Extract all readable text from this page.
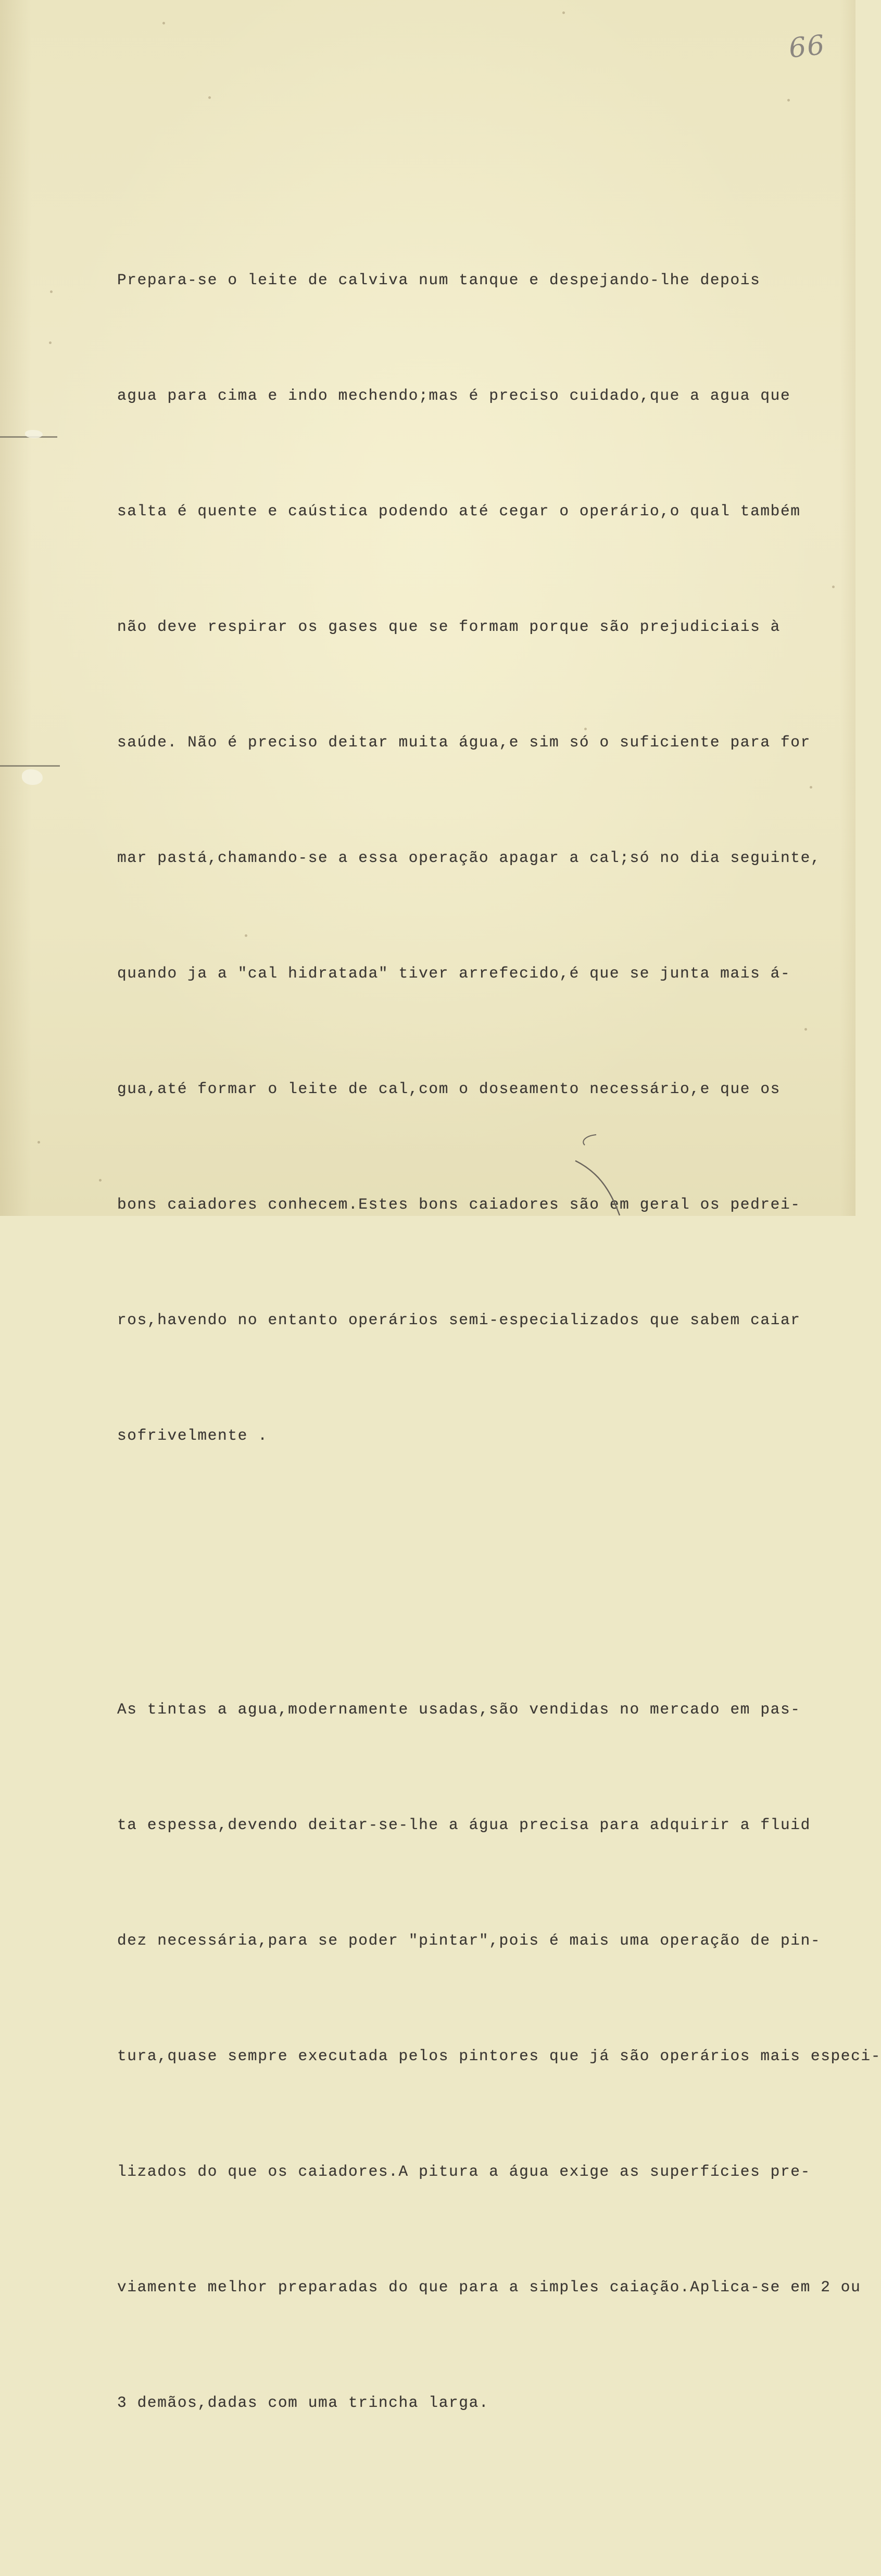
66

Prepara-se o leite de calviva num tanque e despejando-lhe depois

agua para cima e indo mechendo;mas é preciso cuidado,que a agua que

salta é quente e caústica podendo até cegar o operário,o qual também

não deve respirar os gases que se formam porque são prejudiciais à

saúde. Não é preciso deitar muita água,e sim só o suficiente para for

mar pastá,chamando-se a essa operação apagar a cal;só no dia seguinte,

quando ja a "cal hidratada" tiver arrefecido,é que se junta mais á-

gua,até formar o leite de cal,com o doseamento necessário,e que os

bons caiadores conhecem.Estes bons caiadores são em geral os pedrei-

ros,havendo no entanto operários semi-especializados que sabem caiar

sofrivelmente .

As tintas a agua,modernamente usadas,são vendidas no mercado em pas-

ta espessa,devendo deitar-se-lhe a água precisa para adquirir a fluid

dez necessária,para se poder "pintar",pois é mais uma operação de pin-

tura,quase sempre executada pelos pintores que já são operários mais especi-

lizados do que os caiadores.A pitura a água exige as superfícies pre-

viamente melhor preparadas do que para a simples caiação.Aplica-se em 2 ou

3 demãos,dadas com uma trincha larga.
